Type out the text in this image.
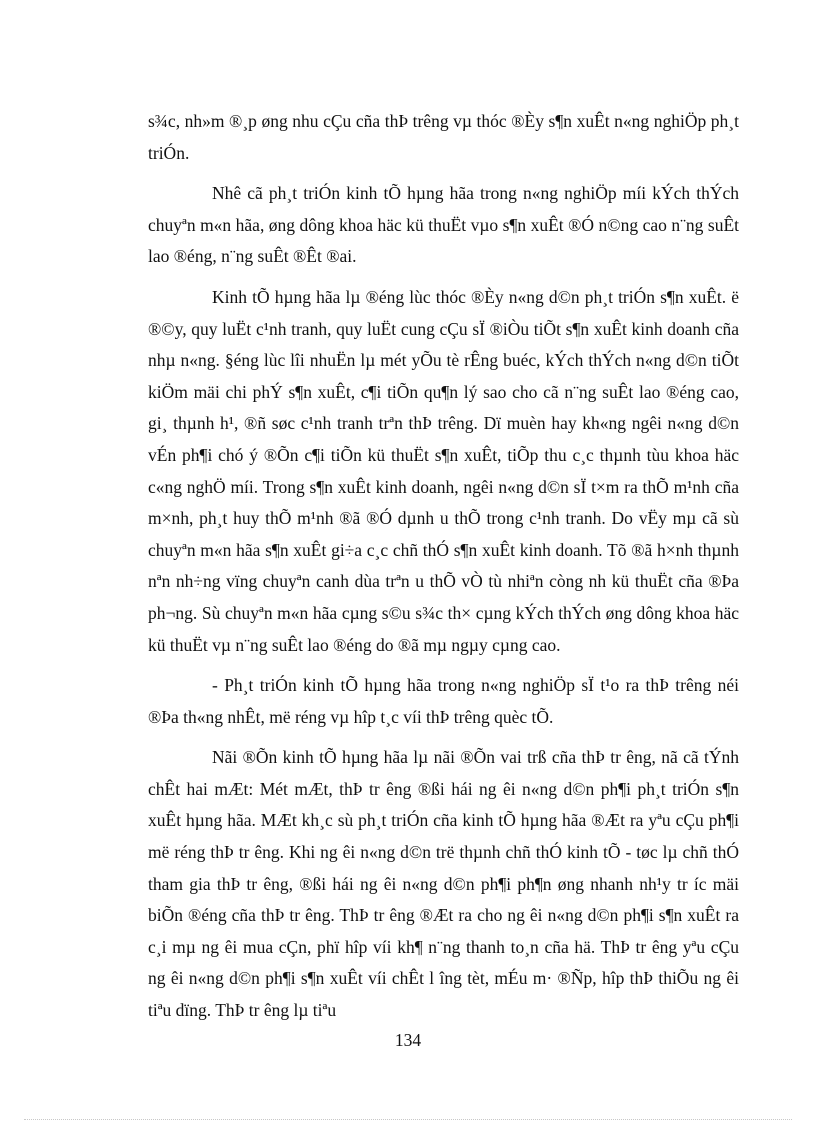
s¾c, nh»m ®¸p øng nhu cÇu cña thÞ trêng vµ thóc ®Èy s¶n xuÊt n«ng nghiÖp ph¸t triÓn.

Nhê cã ph¸t triÓn kinh tÕ hµng hãa trong n«ng nghiÖp míi kÝch thÝch chuyªn m«n hãa, øng dông khoa häc kü thuËt vµo s¶n xuÊt ®Ó n©ng cao n¨ng suÊt lao ®éng, n¨ng suÊt ®Êt ®ai.

Kinh tÕ hµng hãa lµ ®éng lùc thóc ®Èy n«ng d©n ph¸t triÓn s¶n xuÊt. ë ®©y, quy luËt c¹nh tranh, quy luËt cung cÇu sÏ ®iÒu tiÕt s¶n xuÊt kinh doanh cña nhµ n«ng. §éng lùc lîi nhuËn lµ mét yÕu tè rÊng buéc, kÝch thÝch n«ng d©n tiÕt kiÖm mäi chi phÝ s¶n xuÊt, c¶i tiÕn qu¶n lý sao cho cã n¨ng suÊt lao ®éng cao, gi¸ thµnh h¹, ®ñ søc c¹nh tranh trªn thÞ trêng. Dï muèn hay kh«ng ngêi n«ng d©n vÉn ph¶i chó ý ®Õn c¶i tiÕn kü thuËt s¶n xuÊt, tiÕp thu c¸c thµnh tùu khoa häc c«ng nghÖ míi. Trong s¶n xuÊt kinh doanh, ngêi n«ng d©n sÏ t×m ra thÕ m¹nh cña m×nh, ph¸t huy thÕ m¹nh ®ã ®Ó dµnh u thÕ trong c¹nh tranh. Do vËy mµ cã sù chuyªn m«n hãa s¶n xuÊt gi÷a c¸c chñ thÓ s¶n xuÊt kinh doanh. Tõ ®ã h×nh thµnh nªn nh÷ng vïng chuyªn canh dùa trªn u thÕ vÒ tù nhiªn còng nh kü thuËt cña ®Þa ph¬ng. Sù chuyªn m«n hãa cµng s©u s¾c th× cµng kÝch thÝch øng dông khoa häc kü thuËt vµ n¨ng suÊt lao ®éng do ®ã mµ ngµy cµng cao.

- Ph¸t triÓn kinh tÕ hµng hãa trong n«ng nghiÖp sÏ t¹o ra thÞ trêng néi ®Þa th«ng nhÊt, më réng vµ hîp t¸c víi thÞ trêng quèc tÕ.

Nãi ®Õn kinh tÕ hµng hãa lµ nãi ®Õn vai trß cña thÞ tr êng, nã cã tÝnh chÊt hai mÆt: Mét mÆt, thÞ tr êng ®ßi hái ng êi n«ng d©n ph¶i ph¸t triÓn s¶n xuÊt hµng hãa. MÆt kh¸c sù ph¸t triÓn cña kinh tÕ hµng hãa ®Æt ra yªu cÇu ph¶i më réng thÞ tr êng. Khi ng êi n«ng d©n trë thµnh chñ thÓ kinh tÕ - tøc lµ chñ thÓ tham gia thÞ tr êng, ®ßi hái ng êi n«ng d©n ph¶i ph¶n øng nhanh nh¹y tr íc mäi biÕn ®éng cña thÞ tr êng. ThÞ tr êng ®Æt ra cho ng êi n«ng d©n ph¶i s¶n xuÊt ra c¸i mµ ng êi mua cÇn, phï hîp víi kh¶ n¨ng thanh to¸n cña hä. ThÞ tr êng yªu cÇu ng êi n«ng d©n ph¶i s¶n xuÊt víi chÊt l îng tèt, mÉu m· ®Ñp, hîp thÞ thiÕu ng êi tiªu dïng. ThÞ tr êng lµ tiªu

134
